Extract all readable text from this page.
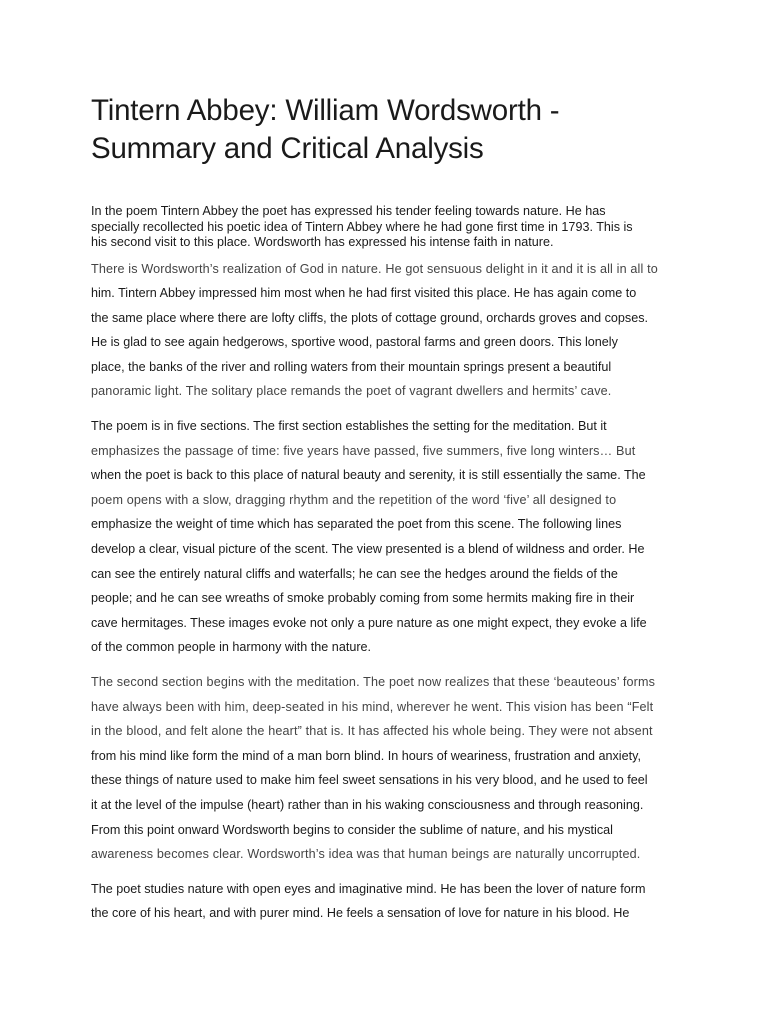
Tintern Abbey: William Wordsworth -
Summary and Critical Analysis

In the poem Tintern Abbey the poet has expressed his tender feeling towards nature. He has
specially recollected his poetic idea of Tintern Abbey where he had gone first time in 1793. This is
his second visit to this place. Wordsworth has expressed his intense faith in nature.

There is Wordsworth’s realization of God in nature. He got sensuous delight in it and it is all in all to
him. Tintern Abbey impressed him most when he had first visited this place. He has again come to
the same place where there are lofty cliffs, the plots of cottage ground, orchards groves and copses.
He is glad to see again hedgerows, sportive wood, pastoral farms and green doors. This lonely
place, the banks of the river and rolling waters from their mountain springs present a beautiful
panoramic light. The solitary place remands the poet of vagrant dwellers and hermits’ cave.

The poem is in five sections. The first section establishes the setting for the meditation. But it
emphasizes the passage of time: five years have passed, five summers, five long winters… But
when the poet is back to this place of natural beauty and serenity, it is still essentially the same. The
poem opens with a slow, dragging rhythm and the repetition of the word ‘five’ all designed to
emphasize the weight of time which has separated the poet from this scene. The following lines
develop a clear, visual picture of the scent. The view presented is a blend of wildness and order. He
can see the entirely natural cliffs and waterfalls; he can see the hedges around the fields of the
people; and he can see wreaths of smoke probably coming from some hermits making fire in their
cave hermitages. These images evoke not only a pure nature as one might expect, they evoke a life
of the common people in harmony with the nature.

The second section begins with the meditation. The poet now realizes that these ‘beauteous’ forms
have always been with him, deep-seated in his mind, wherever he went. This vision has been “Felt
in the blood, and felt alone the heart” that is. It has affected his whole being. They were not absent
from his mind like form the mind of a man born blind. In hours of weariness, frustration and anxiety,
these things of nature used to make him feel sweet sensations in his very blood, and he used to feel
it at the level of the impulse (heart) rather than in his waking consciousness and through reasoning.
From this point onward Wordsworth begins to consider the sublime of nature, and his mystical
awareness becomes clear. Wordsworth’s idea was that human beings are naturally uncorrupted.

The poet studies nature with open eyes and imaginative mind. He has been the lover of nature form
the core of his heart, and with purer mind. He feels a sensation of love for nature in his blood. He
